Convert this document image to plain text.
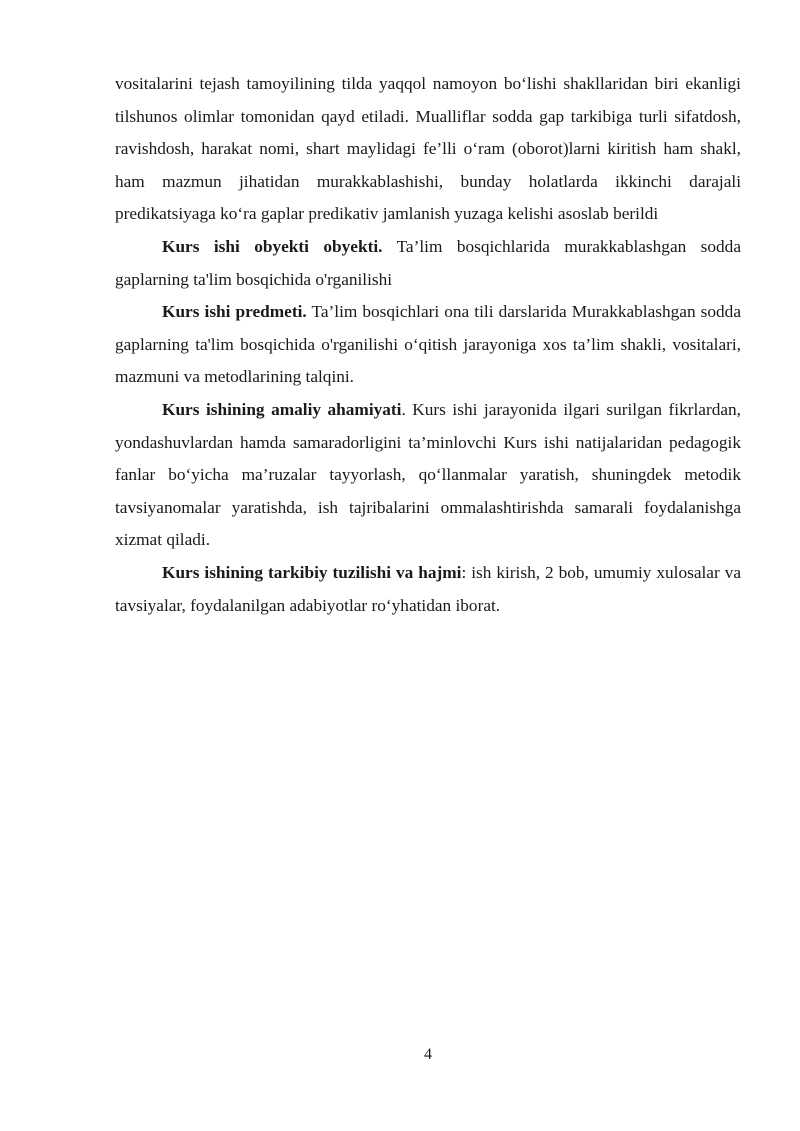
vositalarini tejash tamoyilining tilda yaqqol namoyon bo‘lishi shakllaridan biri ekanligi tilshunos olimlar tomonidan qayd etiladi. Mualliflar sodda gap tarkibiga turli sifatdosh, ravishdosh, harakat nomi, shart maylidagi fe’lli o‘ram (oborot)larni kiritish ham shakl, ham mazmun jihatidan murakkablashishi, bunday holatlarda ikkinchi darajali predikatsiyaga ko‘ra gaplar predikativ jamlanish yuzaga kelishi asoslab berildi

Kurs ishi obyekti obyekti. Ta’lim bosqichlarida murakkablashgan sodda gaplarning ta'lim bosqichida o'rganilishi

Kurs ishi predmeti. Ta’lim bosqichlari ona tili darslarida Murakkablashgan sodda gaplarning ta'lim bosqichida o'rganilishi o‘qitish jarayoniga xos ta’lim shakli, vositalari, mazmuni va metodlarining talqini.

Kurs ishining amaliy ahamiyati. Kurs ishi jarayonida ilgari surilgan fikrlardan, yondashuvlardan hamda samaradorligini ta’minlovchi Kurs ishi natijalaridan pedagogik fanlar bo‘yicha ma’ruzalar tayyorlash, qo‘llanmalar yaratish, shuningdek metodik tavsiyanomalar yaratishda, ish tajribalarini ommalashtirishda samarali foydalanishga xizmat qiladi.

Kurs ishining tarkibiy tuzilishi va hajmi: ish kirish, 2 bob, umumiy xulosalar va tavsiyalar, foydalanilgan adabiyotlar ro‘yhatidan iborat.

4
